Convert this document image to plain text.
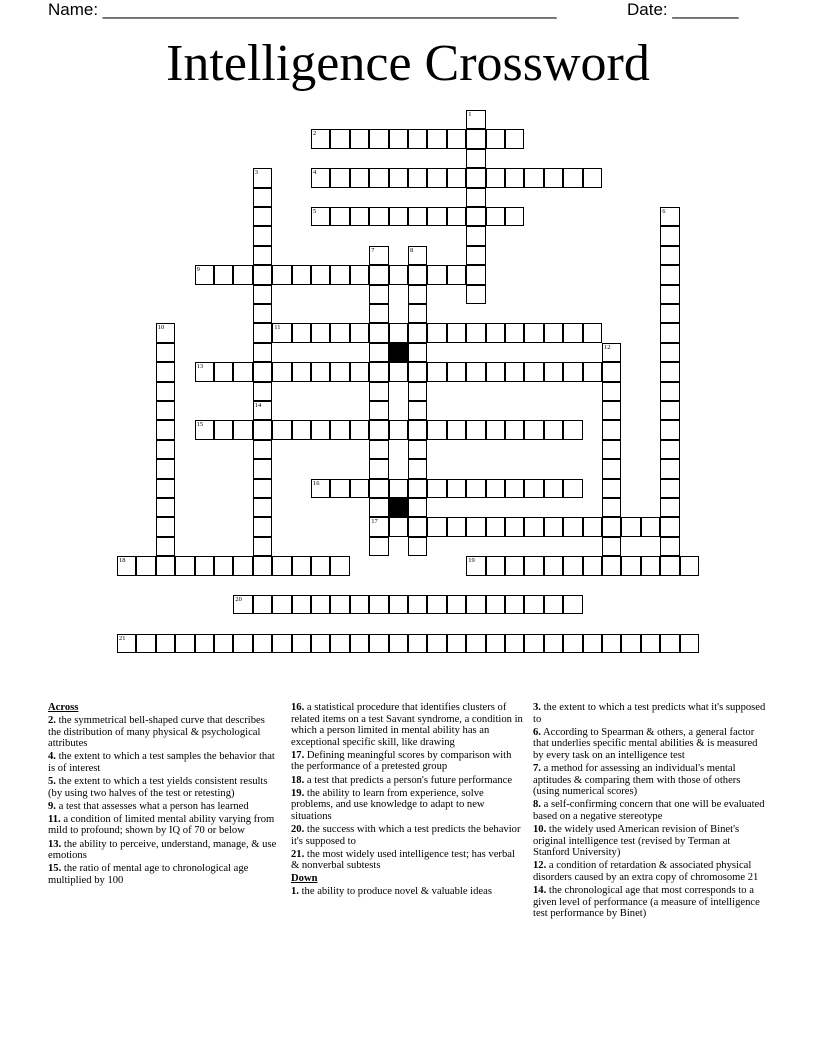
Name: ________________________________________________	Date: _______
Intelligence Crossword
1
2
3	4
5	6
7
17
8
9
10	11
12
13
14
15
16
18	19
20
21
Across
2. the symmetrical bell-shaped curve that describes the distribution of many physical & psychological attributes
4. the extent to which a test samples the behavior that is of interest
5. the extent to which a test yields consistent results (by using two halves of the test or retesting)
9. a test that assesses what a person has learned
11. a condition of limited mental ability varying from mild to profound; shown by IQ of 70 or below
13. the ability to perceive, understand, manage, & use emotions
15. the ratio of mental age to chronological age multiplied by 100
16. a statistical procedure that identifies clusters of related items on a test Savant syndrome, a condition in which a person limited in mental ability has an exceptional specific skill, like drawing
17. Defining meaningful scores by comparison with the performance of a pretested group
18. a test that predicts a person's future performance
19. the ability to learn from experience, solve problems, and use knowledge to adapt to new situations
20. the success with which a test predicts the behavior it's supposed to
21. the most widely used intelligence test; has verbal & nonverbal subtests
Down
1. the ability to produce novel & valuable ideas
3. the extent to which a test predicts what it's supposed to
6. According to Spearman & others, a general factor that underlies specific mental abilities & is measured by every task on an intelligence test
7. a method for assessing an individual's mental aptitudes & comparing them with those of others (using numerical scores)
8. a self-confirming concern that one will be evaluated based on a negative stereotype
10. the widely used American revision of Binet's original intelligence test (revised by Terman at Stanford University)
12. a condition of retardation & associated physical disorders caused by an extra copy of chromosome 21
14. the chronological age that most corresponds to a given level of performance (a measure of intelligence test performance by Binet)
